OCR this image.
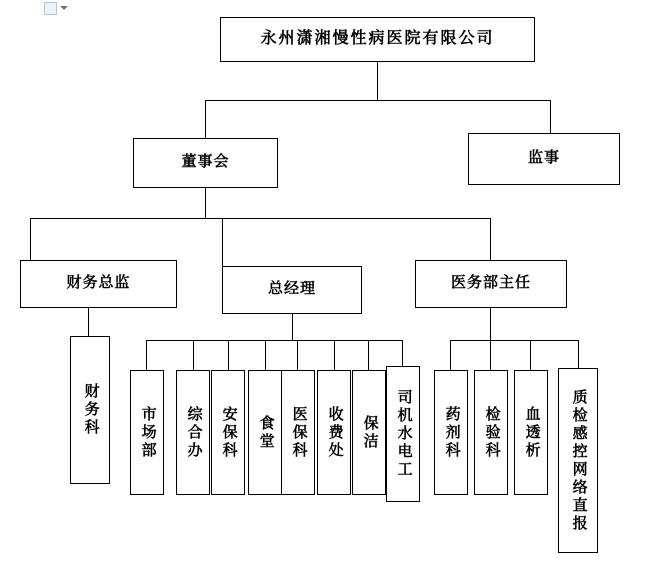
永州潇湘慢性病医院有限公司
董事会	监事
财务总监	总经理	医务部主任
财务科	市场部	综合办	安保科	食堂	医保科	收费处	保洁	司机水电工	药剂科	检验科	血透析	质检感控网络直报
